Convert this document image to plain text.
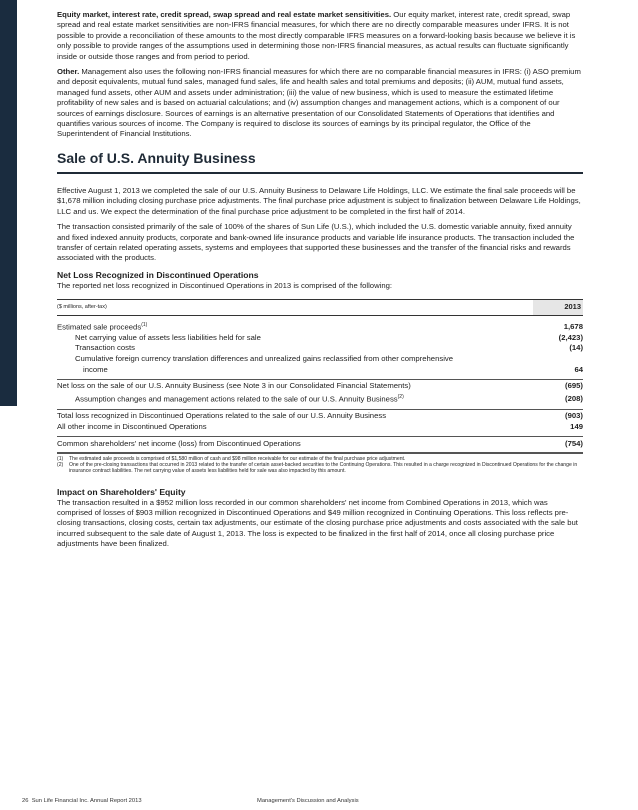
Equity market, interest rate, credit spread, swap spread and real estate market sensitivities. Our equity market, interest rate, credit spread, swap spread and real estate market sensitivities are non-IFRS financial measures, for which there are no directly comparable measures under IFRS. It is not possible to provide a reconciliation of these amounts to the most directly comparable IFRS measures on a forward-looking basis because we believe it is only possible to provide ranges of the assumptions used in determining those non-IFRS financial measures, as actual results can fluctuate significantly inside or outside those ranges and from period to period.

Other. Management also uses the following non-IFRS financial measures for which there are no comparable financial measures in IFRS: (i) ASO premium and deposit equivalents, mutual fund sales, managed fund sales, life and health sales and total premiums and deposits; (ii) AUM, mutual fund assets, managed fund assets, other AUM and assets under administration; (iii) the value of new business, which is used to measure the estimated lifetime profitability of new sales and is based on actuarial calculations; and (iv) assumption changes and management actions, which is a component of our sources of earnings disclosure. Sources of earnings is an alternative presentation of our Consolidated Statements of Operations that identifies and quantifies various sources of income. The Company is required to disclose its sources of earnings by its principal regulator, the Office of the Superintendent of Financial Institutions.

Sale of U.S. Annuity Business

Effective August 1, 2013 we completed the sale of our U.S. Annuity Business to Delaware Life Holdings, LLC. We estimate the final sale proceeds will be $1,678 million including closing purchase price adjustments. The final purchase price adjustment is subject to finalization between Delaware Life Holdings, LLC and us. We expect the determination of the final purchase price adjustment to be completed in the first half of 2014.

The transaction consisted primarily of the sale of 100% of the shares of Sun Life (U.S.), which included the U.S. domestic variable annuity, fixed annuity and fixed indexed annuity products, corporate and bank-owned life insurance products and variable life insurance products. The transaction included the transfer of certain related operating assets, systems and employees that supported these businesses and the transfer of the financial risks and rewards associated with the products.

Net Loss Recognized in Discontinued Operations

The reported net loss recognized in Discontinued Operations in 2013 is comprised of the following:

($ millions, after-tax)	2013

Estimated sale proceeds$^{(1)}$	1,678
Net carrying value of assets less liabilities held for sale	(2,423)
Transaction costs	(14)
Cumulative foreign currency translation differences and unrealized gains reclassified from other comprehensive
income	64

Net loss on the sale of our U.S. Annuity Business (see Note 3 in our Consolidated Financial Statements)	(695)
Assumption changes and management actions related to the sale of our U.S. Annuity Business$^{(2)}$	(208)

Total loss recognized in Discontinued Operations related to the sale of our U.S. Annuity Business	(903)
All other income in Discontinued Operations	149

Common shareholders' net income (loss) from Discontinued Operations	(754)
(1)	The estimated sale proceeds is comprised of $1,580 million of cash and $98 million receivable for our estimate of the final purchase price adjustment.
(2)	One of the pre-closing transactions that occurred in 2013 related to the transfer of certain asset-backed securities to the Continuing Operations. This resulted in a charge recognized in Discontinued Operations for the change in insurance contract liabilities. The net carrying value of assets less liabilities held for sale was also impacted by this amount.
Impact on Shareholders' Equity

The transaction resulted in a $952 million loss recorded in our common shareholders' net income from Combined Operations in 2013, which was comprised of losses of $903 million recognized in Discontinued Operations and $49 million recognized in Continuing Operations. This loss reflects pre-closing transactions, closing costs, certain tax adjustments, our estimate of the closing purchase price adjustments and costs associated with the sale but incurred subsequent to the sale date of August 1, 2013. The loss is expected to be finalized in the first half of 2014, once all closing purchase price adjustments have been finalized.

26 Sun Life Financial Inc. Annual Report 2013	Management's Discussion and Analysis
